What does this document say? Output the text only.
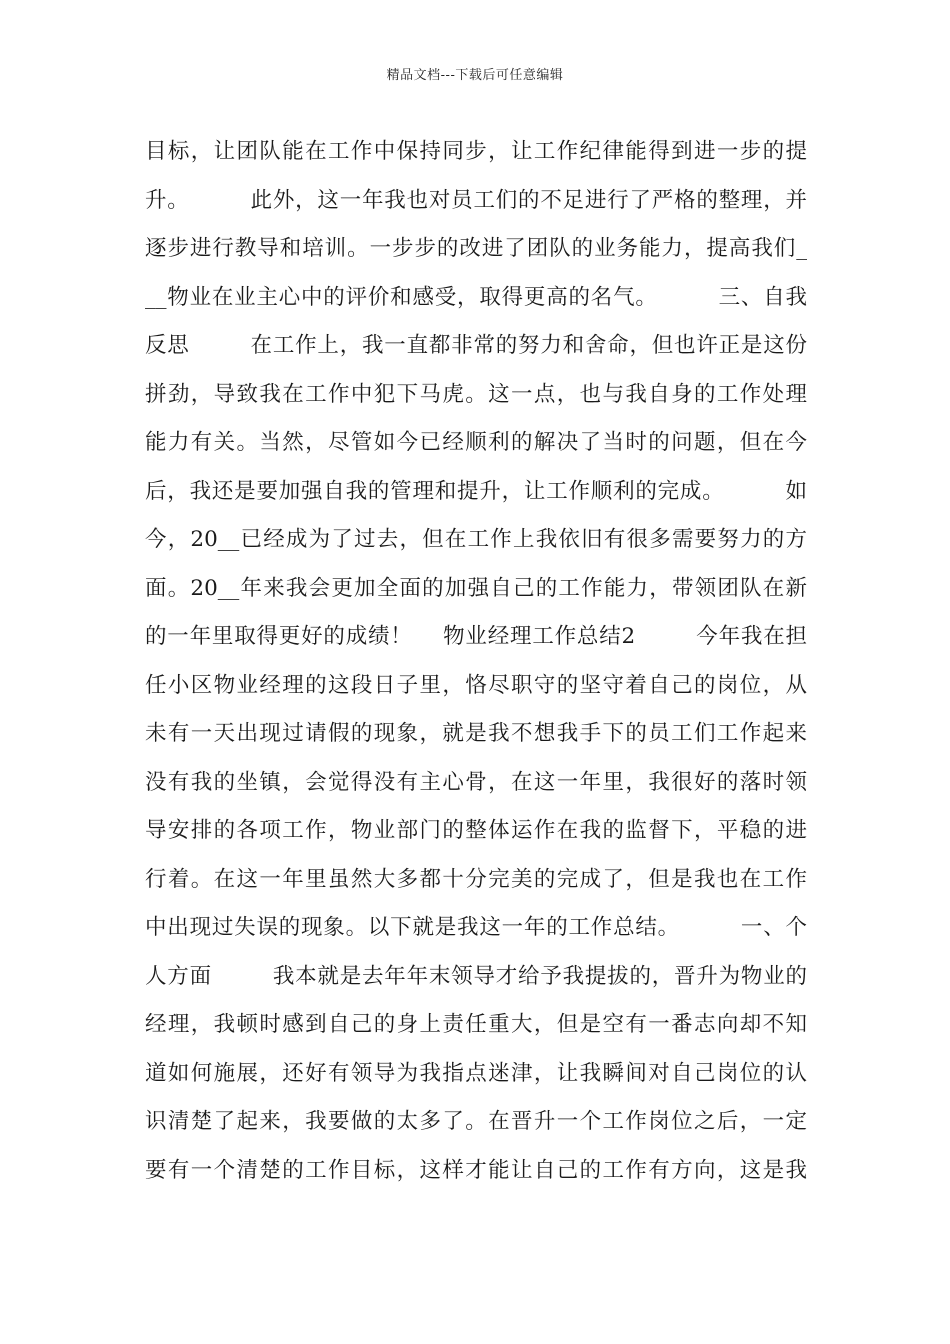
精品文档---下载后可任意编辑
目标，让团队能在工作中保持同步，让工作纪律能得到进一步的提
升。        此外，这一年我也对员工们的不足进行了严格的整理，并
逐步进行教导和培训。一步步的改进了团队的业务能力，提高我们_
__物业在业主心中的评价和感受，取得更高的名气。        三、自我
反思        在工作上，我一直都非常的努力和舍命，但也许正是这份
拼劲，导致我在工作中犯下马虎。这一点，也与我自身的工作处理
能力有关。当然，尽管如今已经顺利的解决了当时的问题，但在今
后，我还是要加强自我的管理和提升，让工作顺利的完成。        如
今，20__已经成为了过去，但在工作上我依旧有很多需要努力的方
面。20__年来我会更加全面的加强自己的工作能力，带领团队在新
的一年里取得更好的成绩！    物业经理工作总结2        今年我在担
任小区物业经理的这段日子里，恪尽职守的坚守着自己的岗位，从
未有一天出现过请假的现象，就是我不想我手下的员工们工作起来
没有我的坐镇，会觉得没有主心骨，在这一年里，我很好的落时领
导安排的各项工作，物业部门的整体运作在我的监督下，平稳的进
行着。在这一年里虽然大多都十分完美的完成了，但是我也在工作
中出现过失误的现象。以下就是我这一年的工作总结。        一、个
人方面        我本就是去年年末领导才给予我提拔的，晋升为物业的
经理，我顿时感到自己的身上责任重大，但是空有一番志向却不知
道如何施展，还好有领导为我指点迷津，让我瞬间对自己岗位的认
识清楚了起来，我要做的太多了。在晋升一个工作岗位之后，一定
要有一个清楚的工作目标，这样才能让自己的工作有方向，这是我
